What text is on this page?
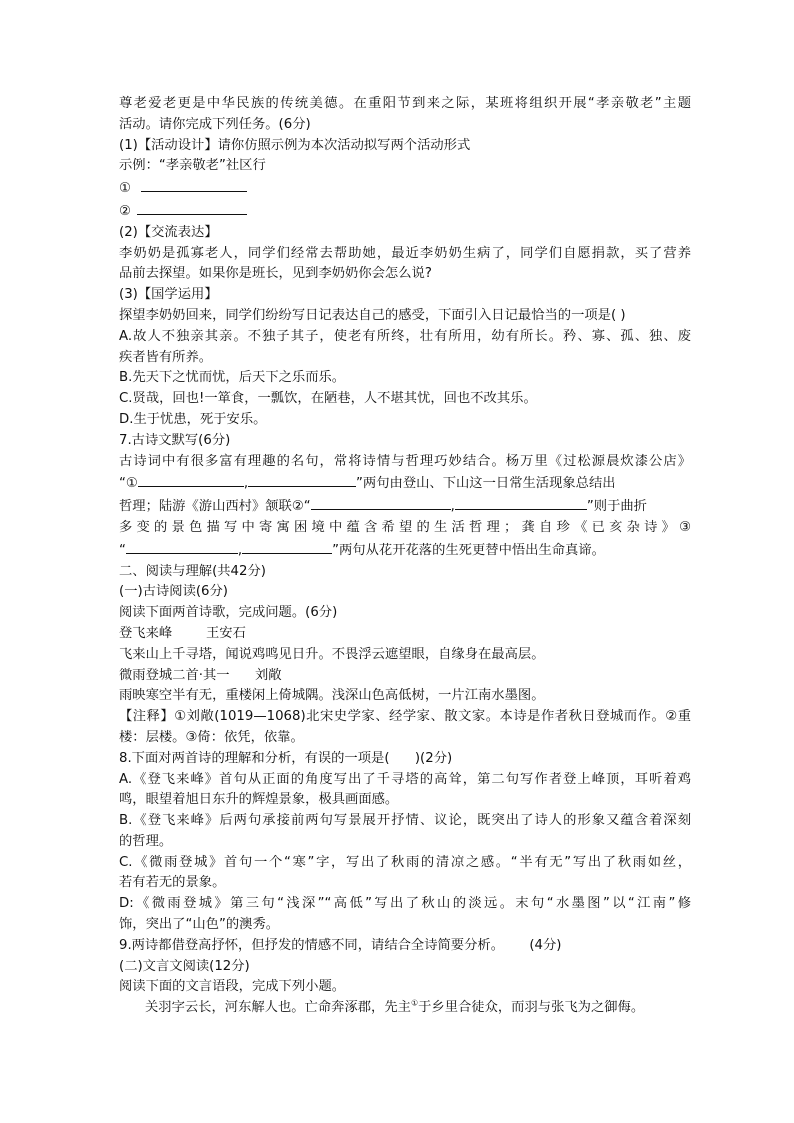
尊老爱老更是中华民族的传统美德。在重阳节到来之际，某班将组织开展“孝亲敬老”主题
活动。请你完成下列任务。(6分)
(1)【活动设计】请你仿照示例为本次活动拟写两个活动形式
示例：“孝亲敬老”社区行
①
②
(2)【交流表达】
李奶奶是孤寡老人，同学们经常去帮助她，最近李奶奶生病了，同学们自愿捐款，买了营养
品前去探望。如果你是班长，见到李奶奶你会怎么说?
(3)【国学运用】
探望李奶奶回来，同学们纷纷写日记表达自己的感受，下面引入日记最恰当的一项是( )
A.故人不独亲其亲。不独子其子，使老有所终，壮有所用，幼有所长。矜、寡、孤、独、废
疾者皆有所养。
B.先天下之忧而忧，后天下之乐而乐。
C.贤哉，回也!一箪食，一瓢饮，在陋巷，人不堪其忧，回也不改其乐。
D.生于忧患，死于安乐。
7.古诗文默写(6分)
古诗词中有很多富有理趣的名句，常将诗情与哲理巧妙结合。杨万里《过松源晨炊漆公店》
“①	,	”两句由登山、下山这一日常生活现象总结出
哲理；陆游《游山西村》颔联②“	,	”则于曲折
多变的景色描写中寄寓困境中蕴含希望的生活哲理；龚自珍《已亥杂诗》③
“	,	”两句从花开花落的生死更替中悟出生命真谛。
二、阅读与理解(共42分)
(一)古诗阅读(6分)
阅读下面两首诗歌，完成问题。(6分)
登飞来峰        王安石
飞来山上千寻塔，闻说鸡鸣见日升。不畏浮云遮望眼，自缘身在最高层。
微雨登城二首·其一      刘敞
雨映寒空半有无，重楼闲上倚城隅。浅深山色高低树，一片江南水墨图。
【注释】①刘敞(1019—1068)北宋史学家、经学家、散文家。本诗是作者秋日登城而作。②重
楼：层楼。③倚：依凭，依靠。
8.下面对两首诗的理解和分析，有误的一项是(      )(2分)
A.《登飞来峰》首句从正面的角度写出了千寻塔的高耸，第二句写作者登上峰顶，耳听着鸡
鸣，眼望着旭日东升的辉煌景象，极具画面感。
B.《登飞来峰》后两句承接前两句写景展开抒情、议论，既突出了诗人的形象又蕴含着深刻
的哲理。
C.《微雨登城》首句一个“寒”字，写出了秋雨的清凉之感。“半有无”写出了秋雨如丝，
若有若无的景象。
D:《微雨登城》第三句“浅深”“高低”写出了秋山的淡远。末句“水墨图”以“江南”修
饰，突出了“山色”的澳秀。
9.两诗都借登高抒怀，但抒发的情感不同，请结合全诗简要分析。      (4分)
(二)文言文阅读(12分)
阅读下面的文言语段，完成下列小题。
关羽字云长，河东解人也。亡命奔涿郡，先主①于乡里合徒众，而羽与张飞为之御侮。
